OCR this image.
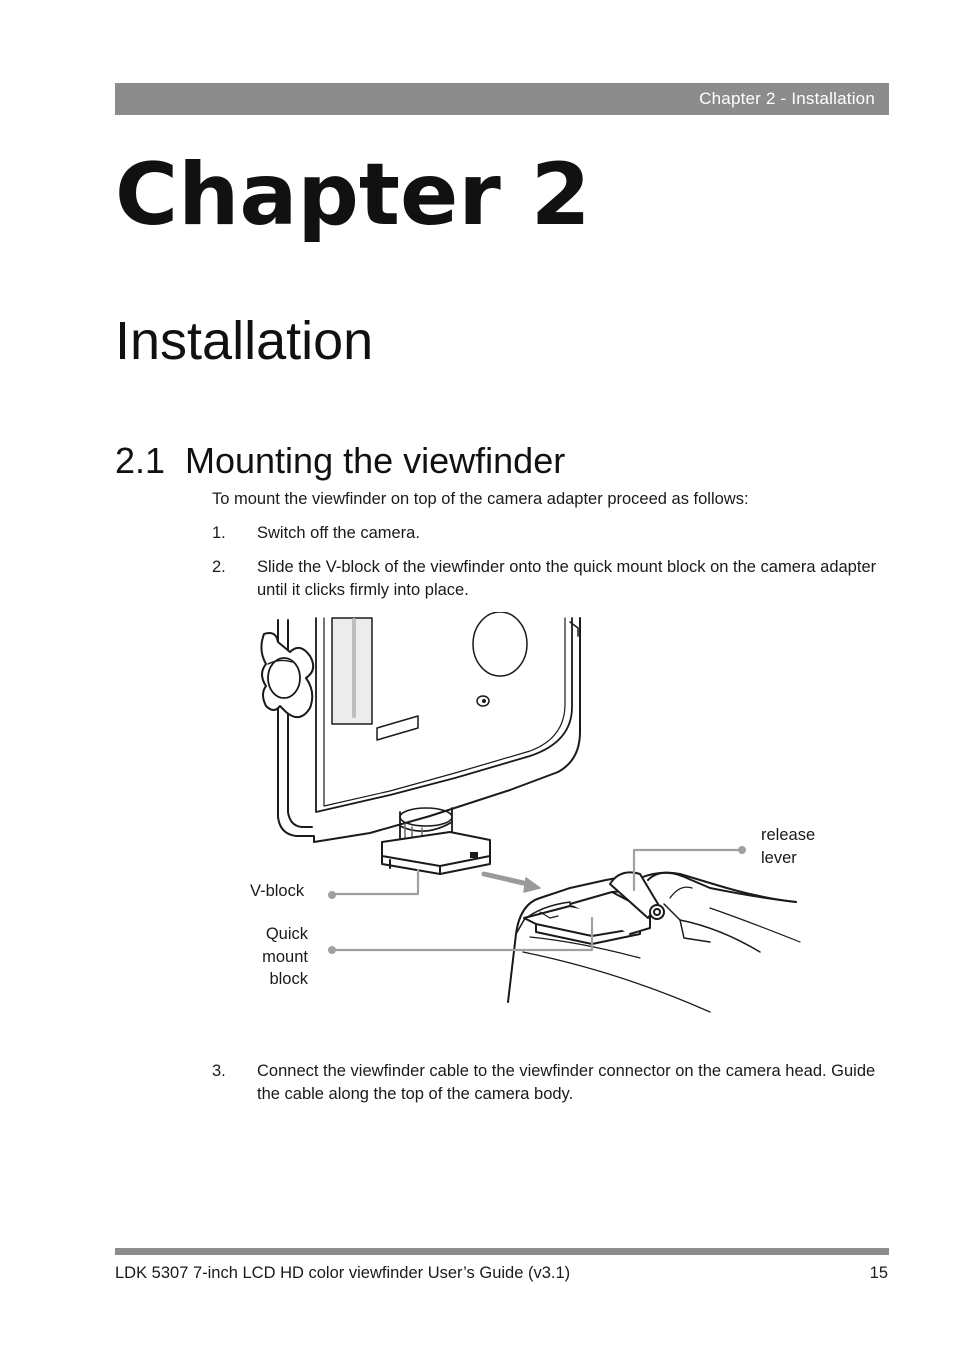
Chapter 2 - Installation
Chapter 2
Installation
2.1 Mounting the viewfinder
To mount the viewfinder on top of the camera adapter proceed as follows:
1.	Switch off the camera.
2.	Slide the V-block of the viewfinder onto the quick mount block on the camera adapter until it clicks firmly into place.
release
lever
V-block
Quick
mount
block
3.	Connect the viewfinder cable to the viewfinder connector on the camera head. Guide the cable along the top of the camera body.
LDK 5307 7-inch LCD HD color viewfinder User’s Guide (v3.1)	15
